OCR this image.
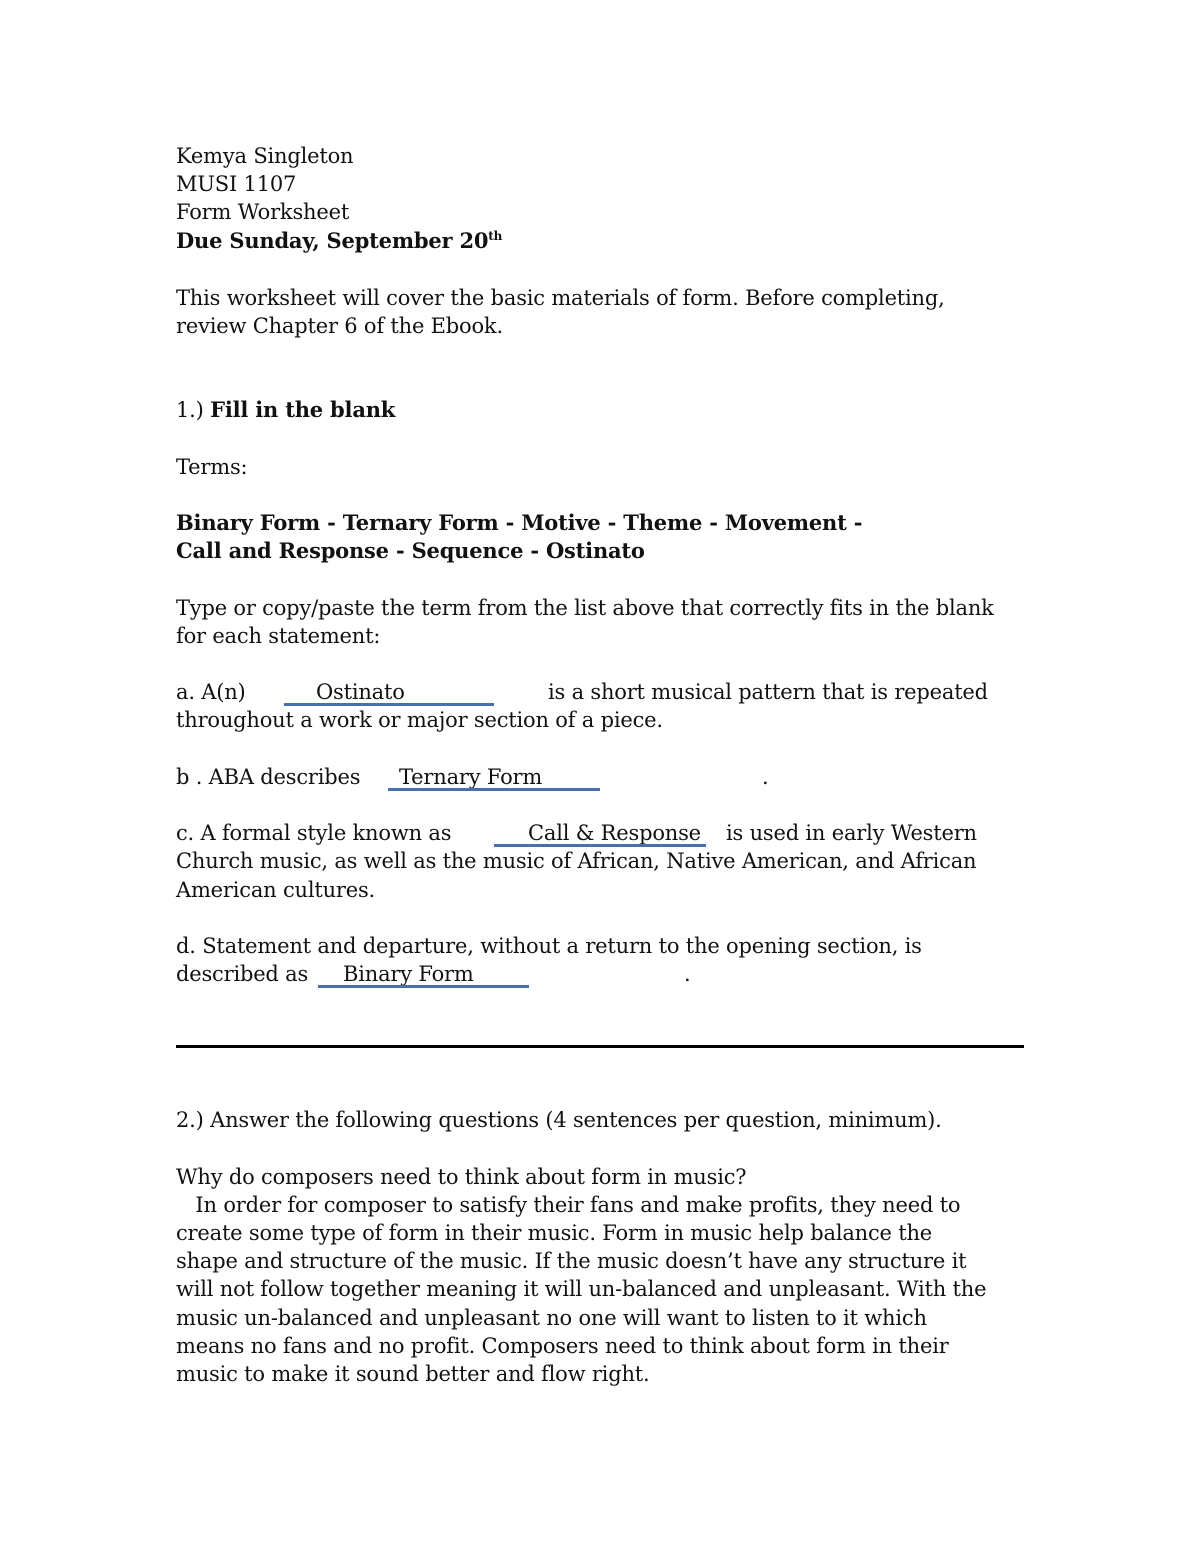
Kemya Singleton
MUSI 1107
Form Worksheet
Due Sunday, September 20th
This worksheet will cover the basic materials of form. Before completing,
review Chapter 6 of the Ebook.
1.) Fill in the blank
Terms:
Binary Form - Ternary Form - Motive - Theme - Movement -
Call and Response - Sequence - Ostinato
Type or copy/paste the term from the list above that correctly fits in the blank
for each statement:
a. A(n)	Ostinato	is a short musical pattern that is repeated
throughout a work or major section of a piece.
b . ABA describes Ternary Form	.
c. A formal style known as	Call & Response is used in early Western
Church music, as well as the music of African, Native American, and African
American cultures.
d. Statement and departure, without a return to the opening section, is
described as Binary Form	.
2.) Answer the following questions (4 sentences per question, minimum).
Why do composers need to think about form in music?
In order for composer to satisfy their fans and make profits, they need to
create some type of form in their music. Form in music help balance the
shape and structure of the music. If the music doesn’t have any structure it
will not follow together meaning it will un-balanced and unpleasant. With the
music un-balanced and unpleasant no one will want to listen to it which
means no fans and no profit. Composers need to think about form in their
music to make it sound better and flow right.
